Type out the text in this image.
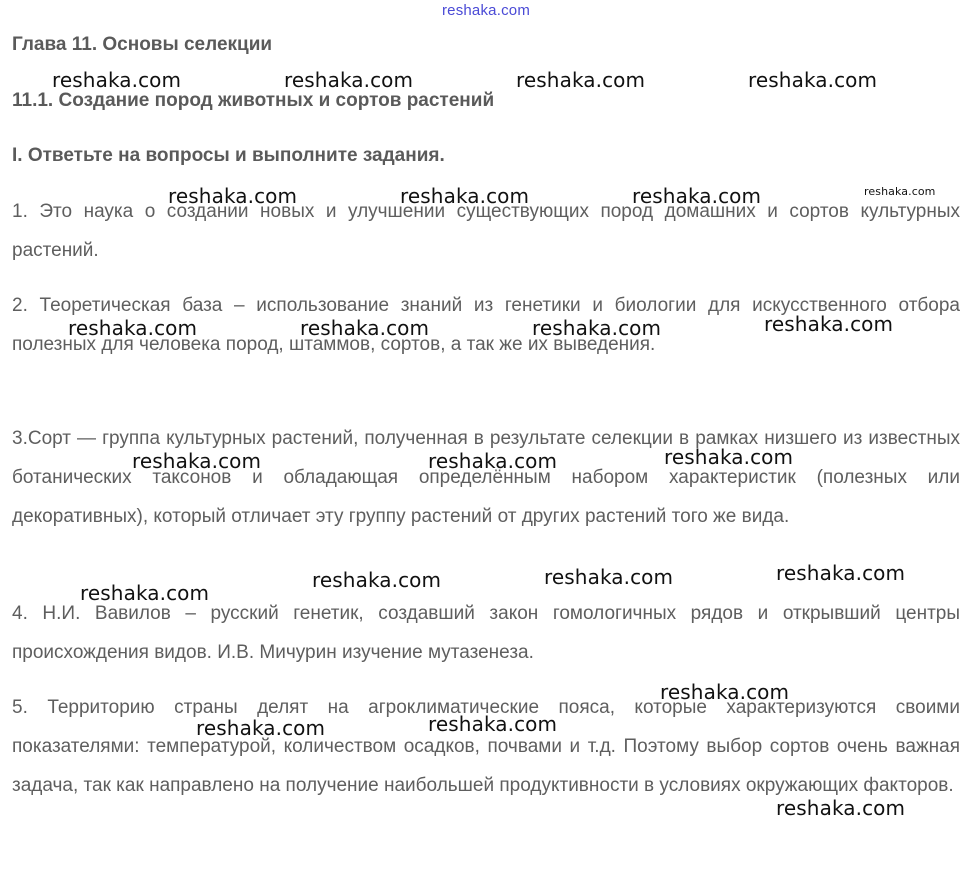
reshaka.com
Глава 11. Основы селекции
11.1. Создание пород животных и сортов растений
I. Ответьте на вопросы и выполните задания.
1. Это наука о создании новых и улучшении существующих пород домашних и сортов культурных растений.
2. Теоретическая база – использование знаний из генетики и биологии для искусственного отбора полезных для человека пород, штаммов, сортов, а так же их выведения.
3.Сорт — группа культурных растений, полученная в результате селекции в рамках низшего из известных ботанических таксонов и обладающая определённым набором характеристик (полезных или декоративных), который отличает эту группу растений от других растений того же вида.
4. Н.И. Вавилов – русский генетик, создавший закон гомологичных рядов и открывший центры происхождения видов. И.В. Мичурин изучение мутазенеза.
5. Территорию страны делят на агроклиматические пояса, которые характеризуются своими показателями: температурой, количеством осадков, почвами и т.д. Поэтому выбор сортов очень важная задача, так как направлено на получение наибольшей продуктивности в условиях окружающих факторов.
reshaka.com	reshaka.com	reshaka.com	reshaka.com
reshaka.com	reshaka.com	reshaka.com	reshaka.com
reshaka.com	reshaka.com	reshaka.com	reshaka.com
reshaka.com	reshaka.com	reshaka.com
reshaka.com
reshaka.com	reshaka.com	reshaka.com
reshaka.com
reshaka.com	reshaka.com
reshaka.com
